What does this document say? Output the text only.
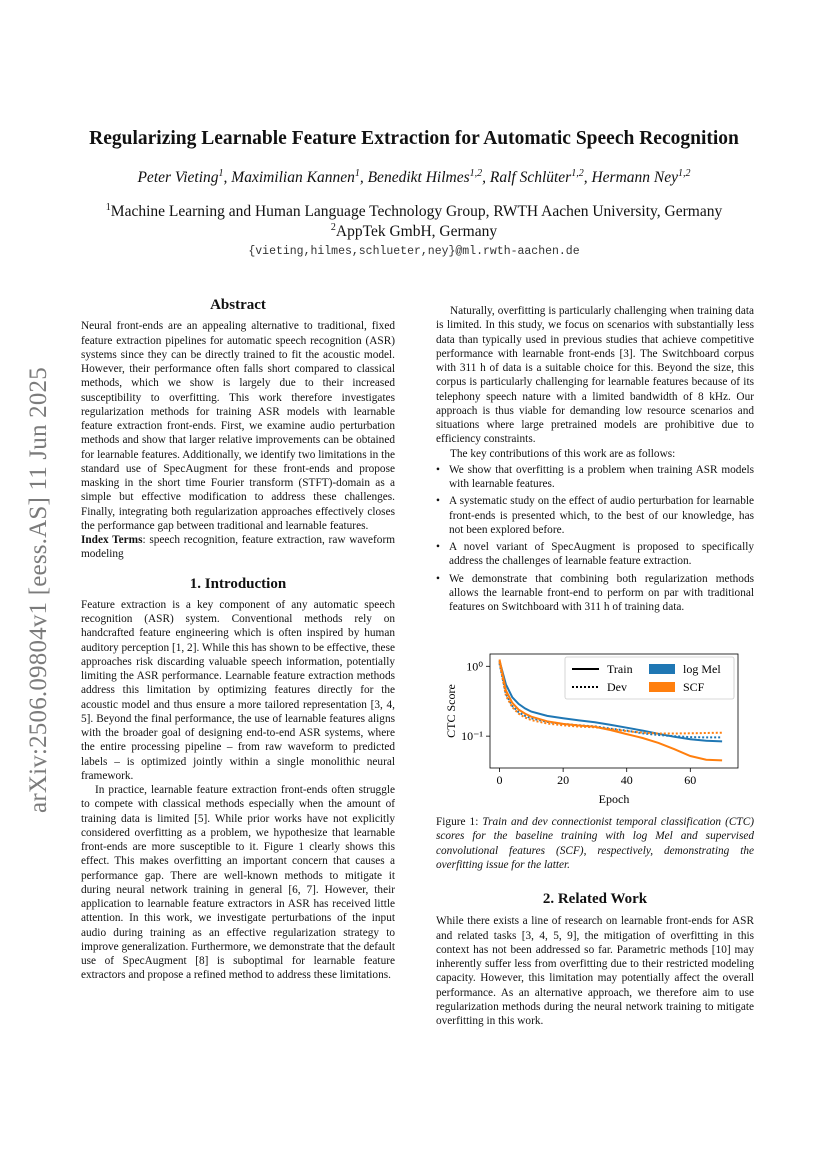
arXiv:2506.09804v1 [eess.AS] 11 Jun 2025
Regularizing Learnable Feature Extraction for Automatic Speech Recognition
Peter Vieting$^1$, Maximilian Kannen$^1$, Benedikt Hilmes$^{1,2}$, Ralf Schlüter$^{1,2}$, Hermann Ney$^{1,2}$
$^1$Machine Learning and Human Language Technology Group, RWTH Aachen University, Germany
$^2$AppTek GmbH, Germany
{vieting,hilmes,schlueter,ney}@ml.rwth-aachen.de
Abstract

Neural front-ends are an appealing alternative to traditional, fixed feature extraction pipelines for automatic speech recognition (ASR) systems since they can be directly trained to fit the acoustic model. However, their performance often falls short compared to classical methods, which we show is largely due to their increased susceptibility to overfitting. This work therefore investigates regularization methods for training ASR models with learnable feature extraction front-ends. First, we examine audio perturbation methods and show that larger relative improvements can be obtained for learnable features. Additionally, we identify two limitations in the standard use of SpecAugment for these front-ends and propose masking in the short time Fourier transform (STFT)-domain as a simple but effective modification to address these challenges. Finally, integrating both regularization approaches effectively closes the performance gap between traditional and learnable features.

Index Terms: speech recognition, feature extraction, raw waveform modeling

1. Introduction

Feature extraction is a key component of any automatic speech recognition (ASR) system. Conventional methods rely on handcrafted feature engineering which is often inspired by human auditory perception [1, 2]. While this has shown to be effective, these approaches risk discarding valuable speech information, potentially limiting the ASR performance. Learnable feature extraction methods address this limitation by optimizing features directly for the acoustic model and thus ensure a more tailored representation [3, 4, 5]. Beyond the final performance, the use of learnable features aligns with the broader goal of designing end-to-end ASR systems, where the entire processing pipeline – from raw waveform to predicted labels – is optimized jointly within a single monolithic neural framework.

In practice, learnable feature extraction front-ends often struggle to compete with classical methods especially when the amount of training data is limited [5]. While prior works have not explicitly considered overfitting as a problem, we hypothesize that learnable front-ends are more susceptible to it. Figure 1 clearly shows this effect. This makes overfitting an important concern that causes a performance gap. There are well-known methods to mitigate it during neural network training in general [6, 7]. However, their application to learnable feature extractors in ASR has received little attention. In this work, we investigate perturbations of the input audio during training as an effective regularization strategy to improve generalization. Furthermore, we demonstrate that the default use of SpecAugment [8] is suboptimal for learnable feature extractors and propose a refined method to address these limitations.

Naturally, overfitting is particularly challenging when training data is limited. In this study, we focus on scenarios with substantially less data than typically used in previous studies that achieve competitive performance with learnable front-ends [3]. The Switchboard corpus with 311 h of data is a suitable choice for this. Beyond the size, this corpus is particularly challenging for learnable features because of its telephony speech nature with a limited bandwidth of 8 kHz. Our approach is thus viable for demanding low resource scenarios and situations where large pretrained models are prohibitive due to efficiency constraints.

The key contributions of this work are as follows:

• We show that overfitting is a problem when training ASR models with learnable features.
• A systematic study on the effect of audio perturbation for learnable front-ends is presented which, to the best of our knowledge, has not been explored before.
• A novel variant of SpecAugment is proposed to specifically address the challenges of learnable feature extraction.
• We demonstrate that combining both regularization methods allows the learnable front-end to perform on par with traditional features on Switchboard with 311 h of training data.
0	20	40	60
10⁰
10⁻¹
Epoch
CTC Score
Train
Dev
log Mel
SCF
Figure 1: Train and dev connectionist temporal classification (CTC) scores for the baseline training with log Mel and supervised convolutional features (SCF), respectively, demonstrating the overfitting issue for the latter.
2. Related Work

While there exists a line of research on learnable front-ends for ASR and related tasks [3, 4, 5, 9], the mitigation of overfitting in this context has not been addressed so far. Parametric methods [10] may inherently suffer less from overfitting due to their restricted modeling capacity. However, this limitation may potentially affect the overall performance. As an alternative approach, we therefore aim to use regularization methods during the neural network training to mitigate overfitting in this work.
